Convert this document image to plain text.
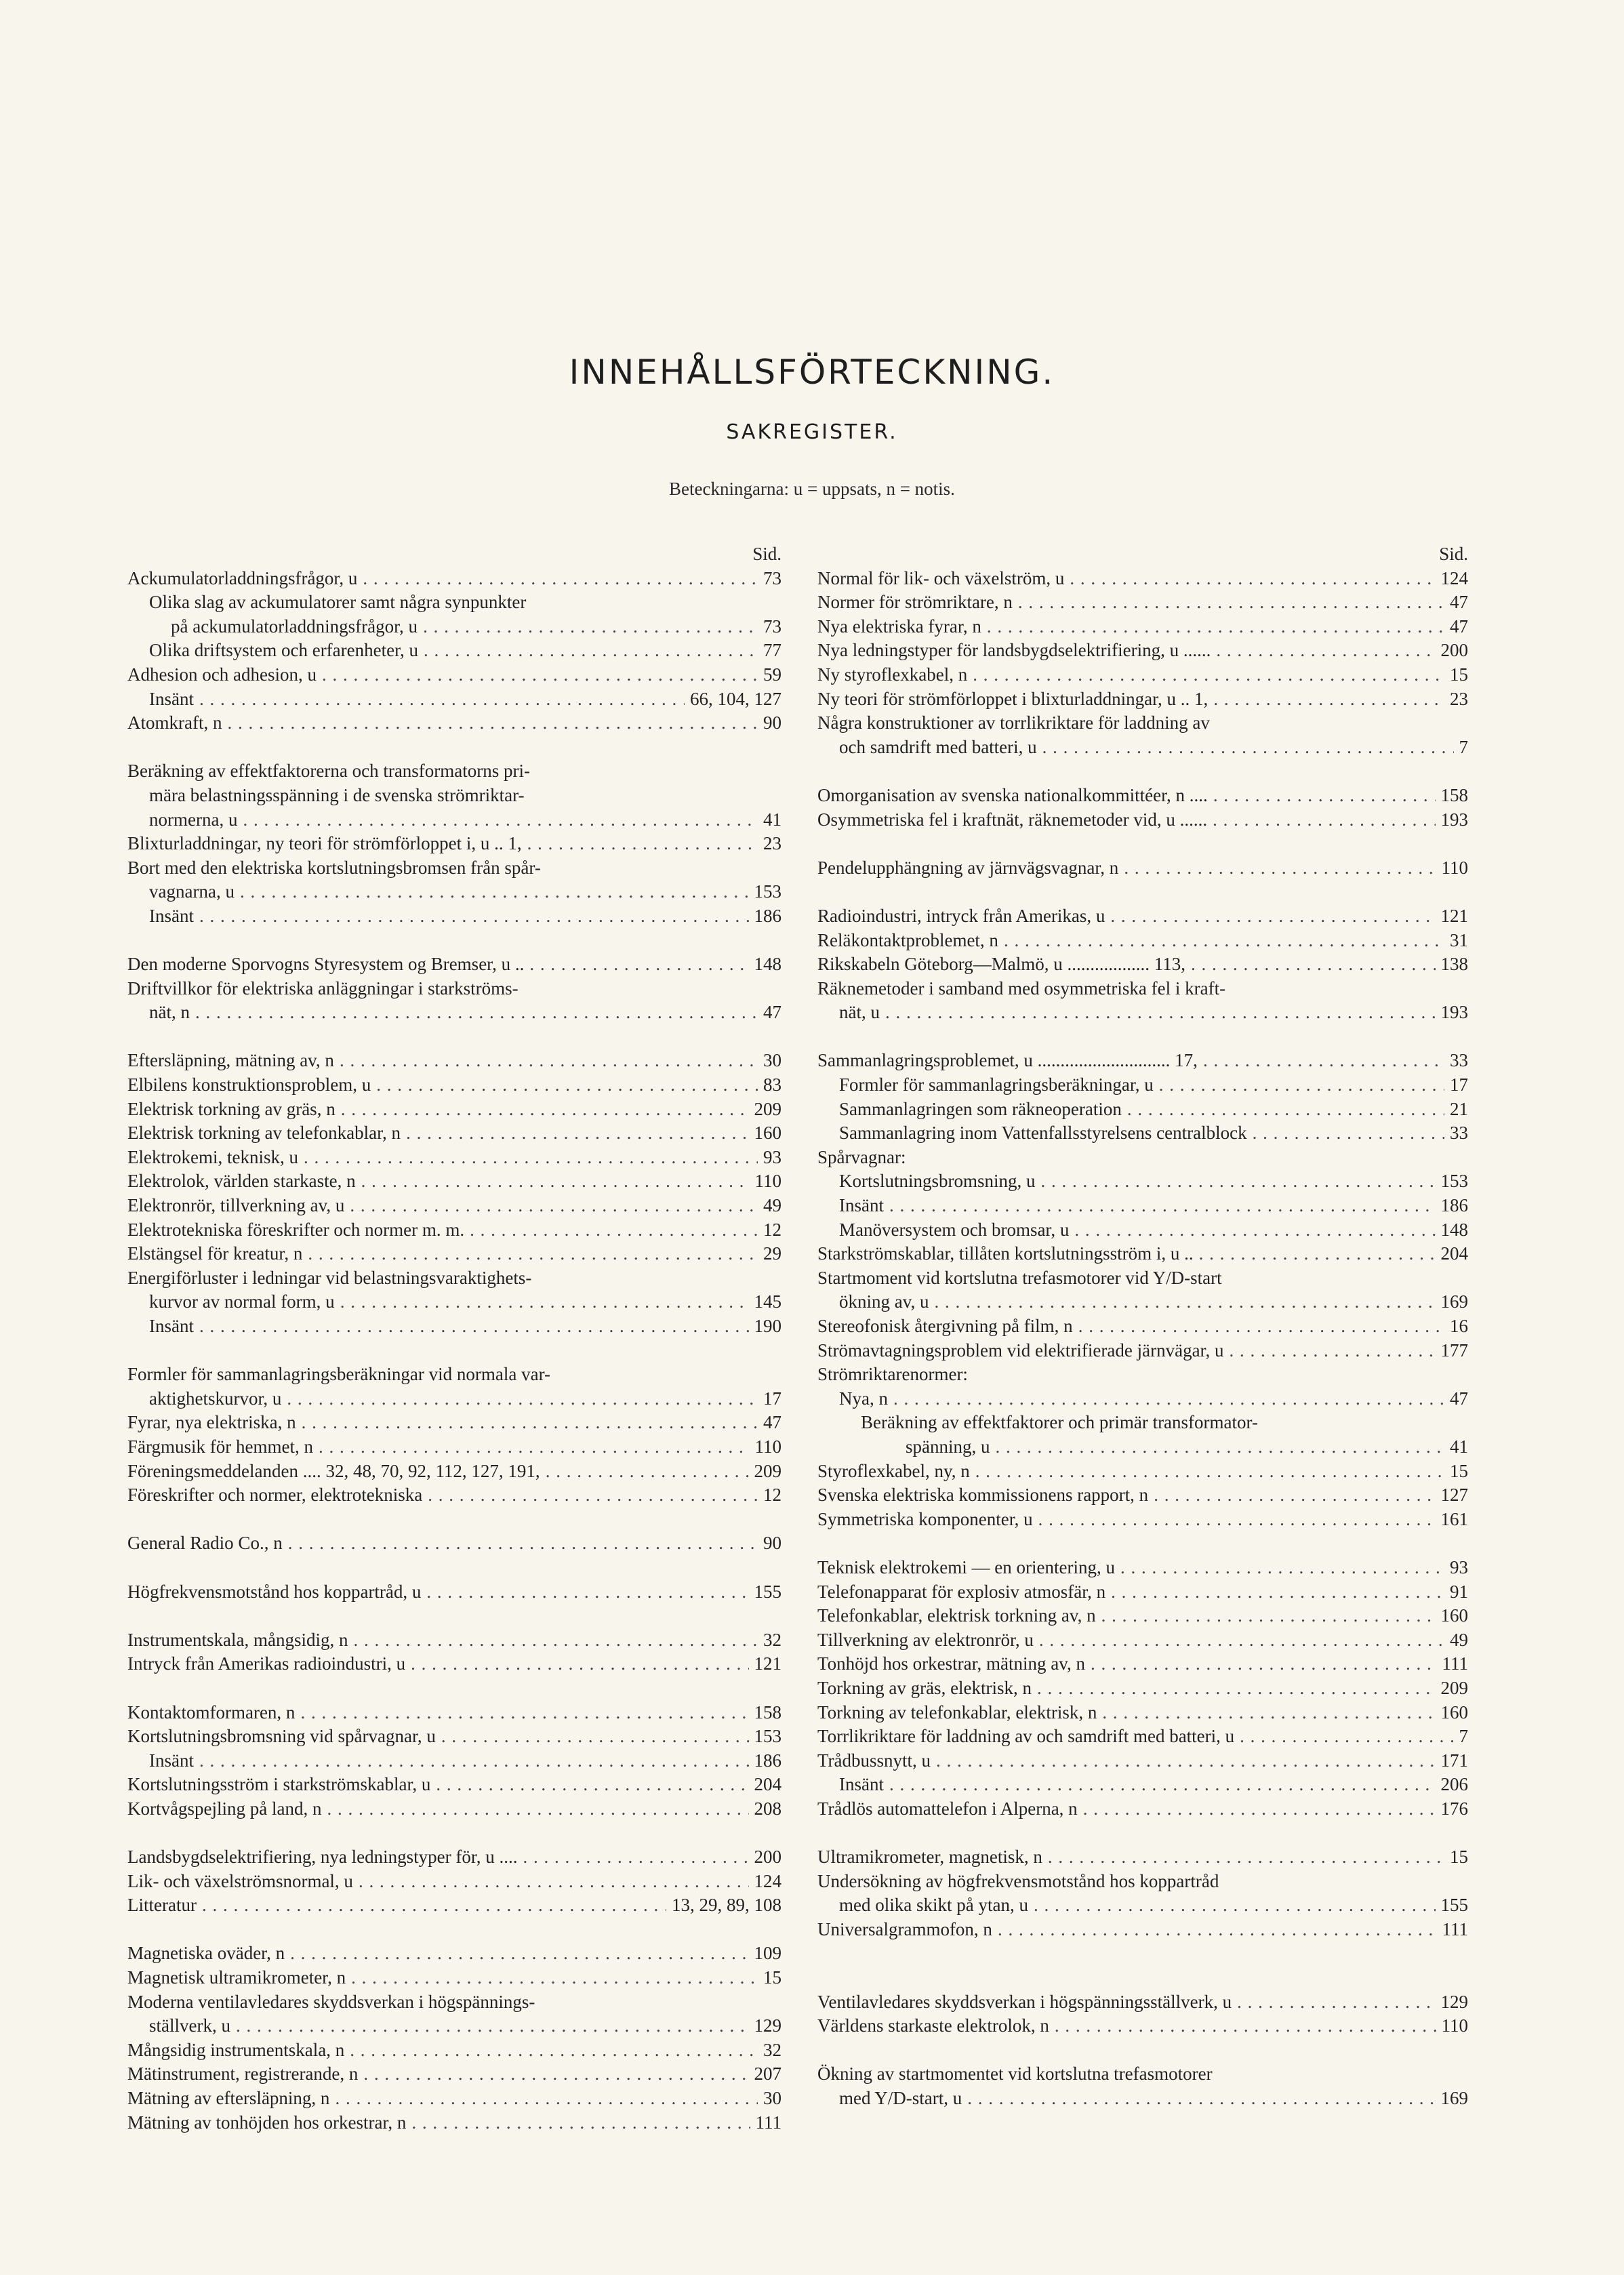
INNEHÅLLSFÖRTECKNING.
SAKREGISTER.
Beteckningarna: u = uppsats, n = notis.
Sid.
Ackumulatorladdningsfrågor, u . . .	73
Olika slag av ackumulatorer samt några synpunkter
på ackumulatorladdningsfrågor, u . . .	73
Olika driftsystem och erfarenheter, u . . .	77
Adhesion och adhesion, u . . .	59
Insänt . . .	66, 104, 127
Atomkraft, n . . .	90
Beräkning av effektfaktorerna och transformatorns pri-
mära belastningsspänning i de svenska strömriktar-
normerna, u . . .	41
Blixturladdningar, ny teori för strömförloppet i, u .. 1, . . .	23
Bort med den elektriska kortslutningsbromsen från spår-
vagnarna, u . . .	153
Insänt . . .	186
Den moderne Sporvogns Styresystem og Bremser, u .. . . .	148
Driftvillkor för elektriska anläggningar i starkströms-
nät, n . . .	47
Eftersläpning, mätning av, n . . .	30
Elbilens konstruktionsproblem, u . . .	83
Elektrisk torkning av gräs, n . . .	209
Elektrisk torkning av telefonkablar, n . . .	160
Elektrokemi, teknisk, u . . .	93
Elektrolok, världen starkaste, n . . .	110
Elektronrör, tillverkning av, u . . .	49
Elektrotekniska föreskrifter och normer m. m. . . .	12
Elstängsel för kreatur, n . . .	29
Energiförluster i ledningar vid belastningsvaraktighets-
kurvor av normal form, u . . .	145
Insänt . . .	190
Formler för sammanlagringsberäkningar vid normala var-
aktighetskurvor, u . . .	17
Fyrar, nya elektriska, n . . .	47
Färgmusik för hemmet, n . . .	110
Föreningsmeddelanden .... 32, 48, 70, 92, 112, 127, 191, . . .	209
Föreskrifter och normer, elektrotekniska . . .	12
General Radio Co., n . . .	90
Högfrekvensmotstånd hos koppartråd, u . . .	155
Instrumentskala, mångsidig, n . . .	32
Intryck från Amerikas radioindustri, u . . .	121
Kontaktomformaren, n . . .	158
Kortslutningsbromsning vid spårvagnar, u . . .	153
Insänt . . .	186
Kortslutningsström i starkströmskablar, u . . .	204
Kortvågspejling på land, n . . .	208
Landsbygdselektrifiering, nya ledningstyper för, u .... . . .	200
Lik- och växelströmsnormal, u . . .	124
Litteratur . . .	13, 29, 89, 108
Magnetiska oväder, n . . .	109
Magnetisk ultramikrometer, n . . .	15
Moderna ventilavledares skyddsverkan i högspännings-
ställverk, u . . .	129
Mångsidig instrumentskala, n . . .	32
Mätinstrument, registrerande, n . . .	207
Mätning av eftersläpning, n . . .	30
Mätning av tonhöjden hos orkestrar, n . . .	111
Sid.
Normal för lik- och växelström, u . . .	124
Normer för strömriktare, n . . .	47
Nya elektriska fyrar, n . . .	47
Nya ledningstyper för landsbygdselektrifiering, u ...... . . .	200
Ny styroflexkabel, n . . .	15
Ny teori för strömförloppet i blixturladdningar, u .. 1, . . .	23
Några konstruktioner av torrlikriktare för laddning av
och samdrift med batteri, u . . .	7
Omorganisation av svenska nationalkommittéer, n .... . . .	158
Osymmetriska fel i kraftnät, räknemetoder vid, u ...... . . .	193
Pendelupphängning av järnvägsvagnar, n . . .	110
Radioindustri, intryck från Amerikas, u . . .	121
Reläkontaktproblemet, n . . .	31
Rikskabeln Göteborg—Malmö, u .................. 113, . . .	138
Räknemetoder i samband med osymmetriska fel i kraft-
nät, u . . .	193
Sammanlagringsproblemet, u ............................. 17, . . .	33
Formler för sammanlagringsberäkningar, u . . .	17
Sammanlagringen som räkneoperation . . .	21
Sammanlagring inom Vattenfallsstyrelsens centralblock . . .	33
Spårvagnar:
Kortslutningsbromsning, u . . .	153
Insänt . . .	186
Manöversystem och bromsar, u . . .	148
Starkströmskablar, tillåten kortslutningsström i, u .. . . .	204
Startmoment vid kortslutna trefasmotorer vid Y/D-start
ökning av, u . . .	169
Stereofonisk återgivning på film, n . . .	16
Strömavtagningsproblem vid elektrifierade järnvägar, u . . .	177
Strömriktarenormer:
Nya, n . . .	47
Beräkning av effektfaktorer och primär transformator-
spänning, u . . .	41
Styroflexkabel, ny, n . . .	15
Svenska elektriska kommissionens rapport, n . . .	127
Symmetriska komponenter, u . . .	161
Teknisk elektrokemi — en orientering, u . . .	93
Telefonapparat för explosiv atmosfär, n . . .	91
Telefonkablar, elektrisk torkning av, n . . .	160
Tillverkning av elektronrör, u . . .	49
Tonhöjd hos orkestrar, mätning av, n . . .	111
Torkning av gräs, elektrisk, n . . .	209
Torkning av telefonkablar, elektrisk, n . . .	160
Torrlikriktare för laddning av och samdrift med batteri, u . . .	7
Trådbussnytt, u . . .	171
Insänt . . .	206
Trådlös automattelefon i Alperna, n . . .	176
Ultramikrometer, magnetisk, n . . .	15
Undersökning av högfrekvensmotstånd hos koppartråd
med olika skikt på ytan, u . . .	155
Universalgrammofon, n . . .	111
Ventilavledares skyddsverkan i högspänningsställverk, u . . .	129
Världens starkaste elektrolok, n . . .	110
Ökning av startmomentet vid kortslutna trefasmotorer
med Y/D-start, u . . .	169
